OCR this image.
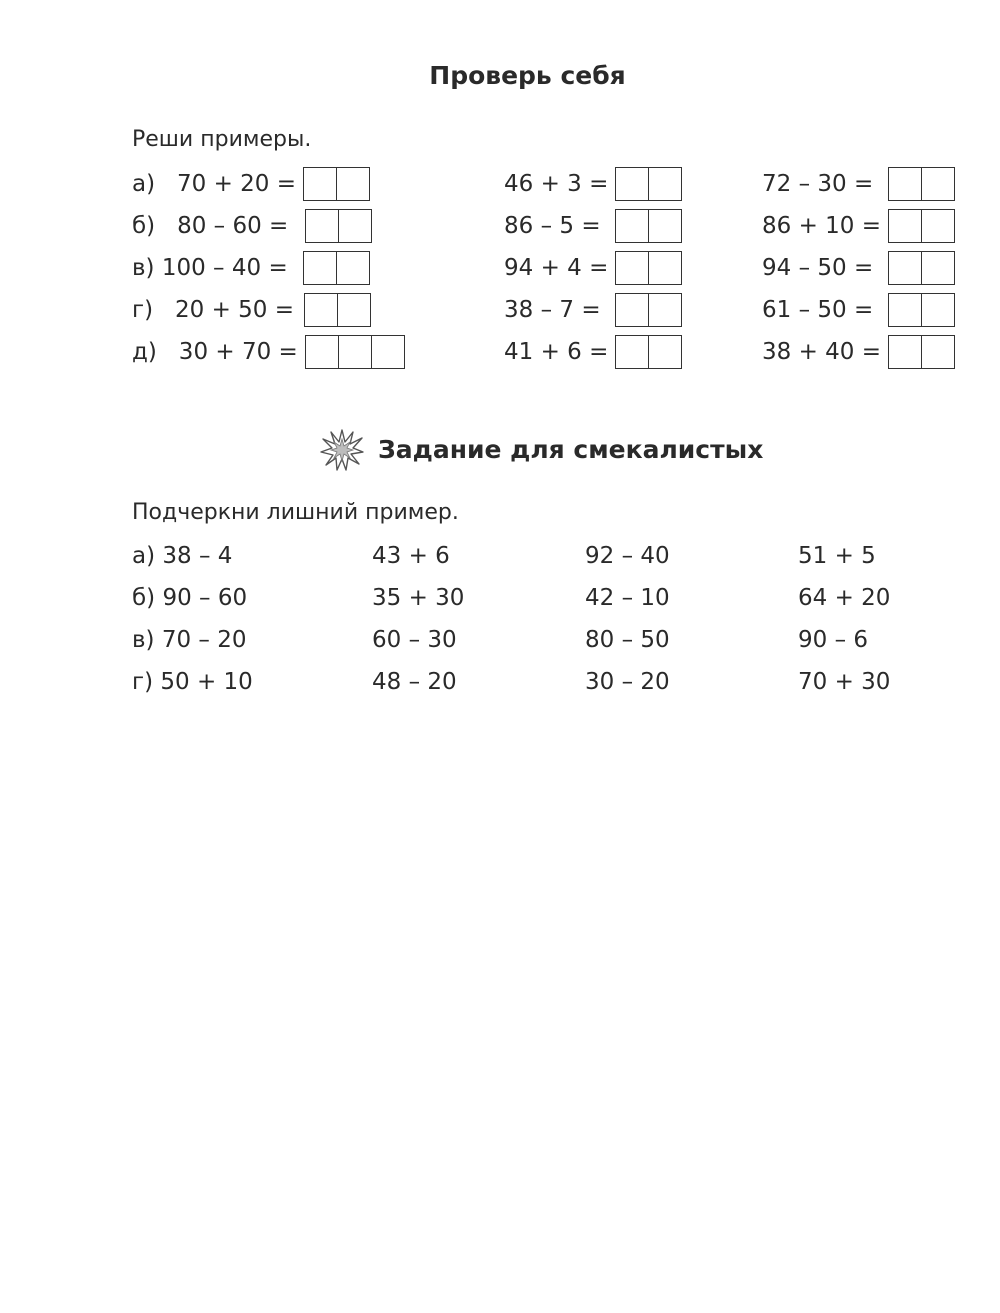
Проверь себя
Реши примеры.
а)   70 + 20 =	46 + 3 =	72 – 30 =
б)   80 – 60 =	86 – 5 =	86 + 10 =
в) 100 – 40 =	94 + 4 =	94 – 50 =
г)   20 + 50 =	38 – 7 =	61 – 50 =
д)   30 + 70 =	41 + 6 =	38 + 40 =
Задание для смекалистых
Подчеркни лишний пример.
а) 38 – 4	43 + 6	92 – 40	51 + 5
б) 90 – 60	35 + 30	42 – 10	64 + 20
в) 70 – 20	60 – 30	80 – 50	90 – 6
г) 50 + 10	48 – 20	30 – 20	70 + 30
